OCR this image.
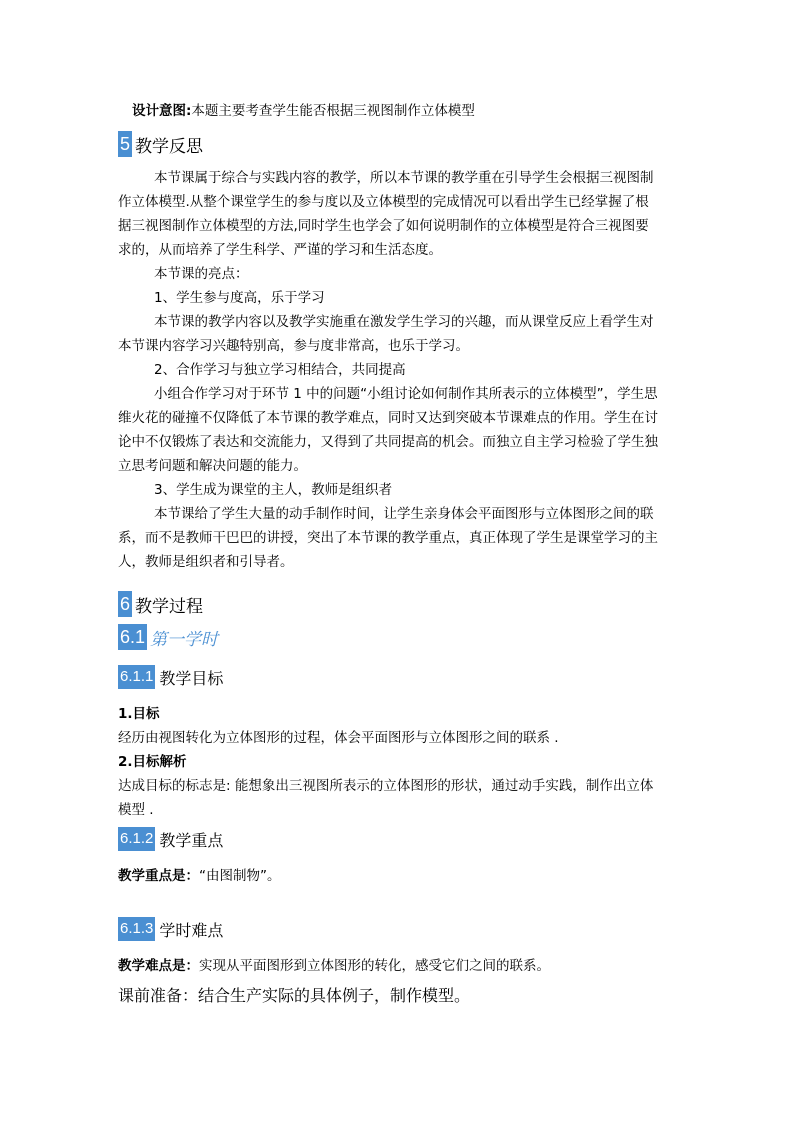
设计意图:本题主要考查学生能否根据三视图制作立体模型
5 教学反思
本节课属于综合与实践内容的教学，所以本节课的教学重在引导学生会根据三视图制
作立体模型.从整个课堂学生的参与度以及立体模型的完成情况可以看出学生已经掌握了根
据三视图制作立体模型的方法,同时学生也学会了如何说明制作的立体模型是符合三视图要
求的，从而培养了学生科学、严谨的学习和生活态度。
本节课的亮点：
1、学生参与度高，乐于学习
本节课的教学内容以及教学实施重在激发学生学习的兴趣，而从课堂反应上看学生对
本节课内容学习兴趣特别高，参与度非常高，也乐于学习。
2、合作学习与独立学习相结合，共同提高
小组合作学习对于环节 1 中的问题“小组讨论如何制作其所表示的立体模型”，学生思
维火花的碰撞不仅降低了本节课的教学难点，同时又达到突破本节课难点的作用。学生在讨
论中不仅锻炼了表达和交流能力，又得到了共同提高的机会。而独立自主学习检验了学生独
立思考问题和解决问题的能力。
3、学生成为课堂的主人，教师是组织者
本节课给了学生大量的动手制作时间，让学生亲身体会平面图形与立体图形之间的联
系，而不是教师干巴巴的讲授，突出了本节课的教学重点，真正体现了学生是课堂学习的主
人，教师是组织者和引导者。
6 教学过程
6.1 第一学时
6.1.1 教学目标
1.目标
经历由视图转化为立体图形的过程，体会平面图形与立体图形之间的联系 .
2.目标解析
达成目标的标志是: 能想象出三视图所表示的立体图形的形状，通过动手实践，制作出立体
模型 .
6.1.2 教学重点
教学重点是：“由图制物”。
6.1.3 学时难点
教学难点是：实现从平面图形到立体图形的转化，感受它们之间的联系。
课前准备：结合生产实际的具体例子，制作模型。
